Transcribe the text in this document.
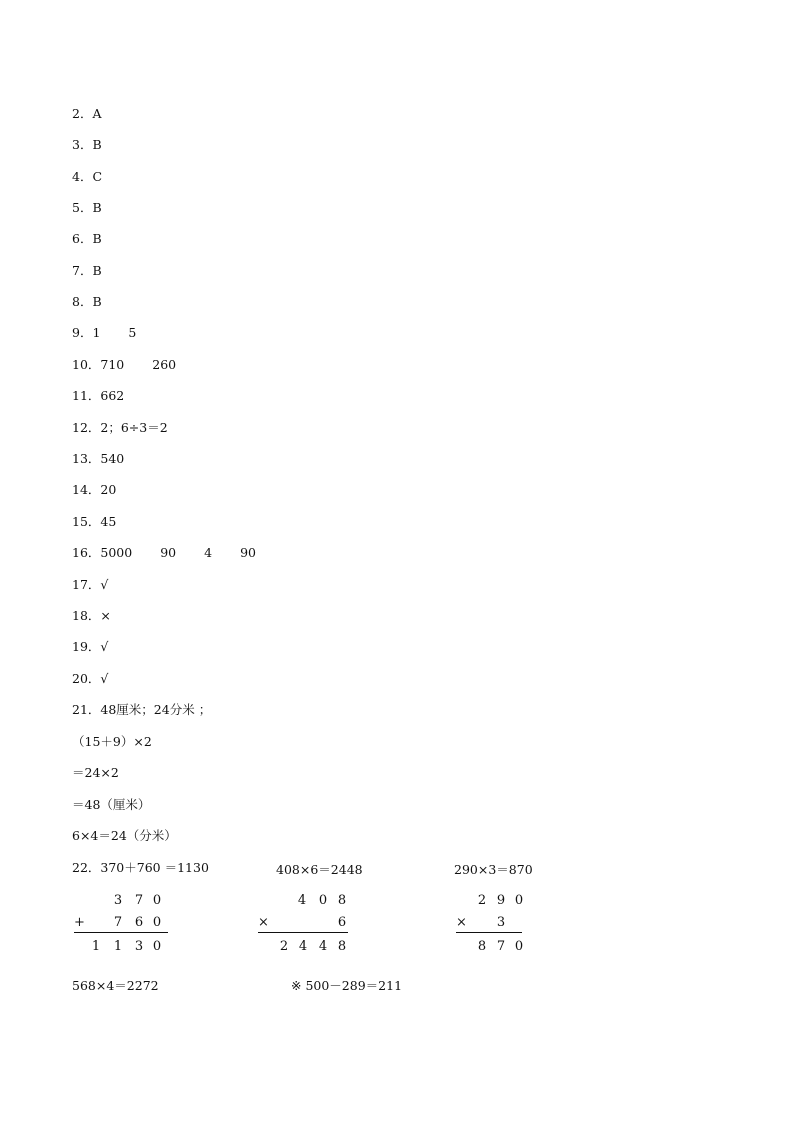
2．A
3．B
4．C
5．B
6．B
7．B
8．B
9．1 5
10．710 260
11．662
12．2；6÷3＝2
13．540
14．20
15．45
16．5000 90 4 90
17．√
18．×
19．√
20．√
21．48厘米；24分米 ；
（15＋9）×2
＝24×2
＝48（厘米）
6×4＝24（分米）
22．370＋760 ＝1130	408×6＝2448	290×3＝870
3 7 0
+ 7 6 0
1 1 3 0
4 0 8
×	6
2 4 4 8
2 9 0
× 3
8 7 0
568×4＝2272	※ 500－289＝211
